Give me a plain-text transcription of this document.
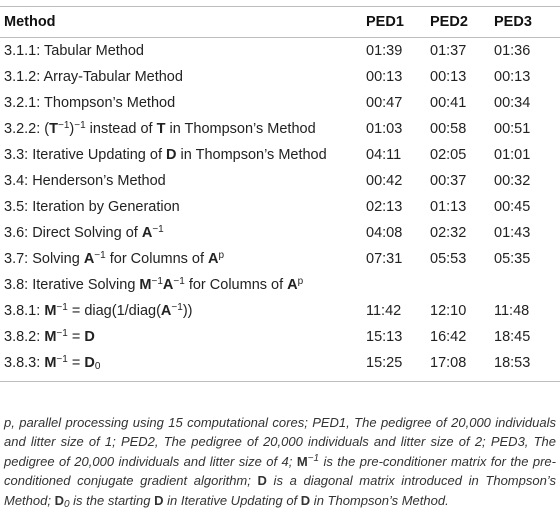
Method	PED1	PED2	PED3
3.1.1: Tabular Method	01:39	01:37	01:36
3.1.2: Array-Tabular Method	00:13	00:13	00:13
3.2.1: Thompson’s Method	00:47	00:41	00:34
3.2.2: $(T^{-1})^{-1}$ instead of T in Thompson’s Method	01:03	00:58	00:51
3.3: Iterative Updating of D in Thompson’s Method	04:11	02:05	01:01
3.4: Henderson’s Method	00:42	00:37	00:32
3.5: Iteration by Generation	02:13	01:13	00:45
3.6: Direct Solving of $A^{-1}$	04:08	02:32	01:43
3.7: Solving $A^{-1}$ for Columns of $A^p$	07:31	05:53	05:35
3.8: Iterative Solving $M^{-1}A^{-1}$ for Columns of $A^p$
3.8.1: $M^{-1}$ = $diag(1/diag(A^{-1}))$	11:42	12:10	11:48
3.8.2: $M^{-1} = D$	15:13	16:42	18:45
3.8.3: $M^{-1} = D_0$	15:25	17:08	18:53
p, parallel processing using 15 computational cores; PED1, The pedigree of 20,000 individuals and litter size of 1; PED2, The pedigree of 20,000 individuals and litter size of 2; PED3, The pedigree of 20,000 individuals and litter size of 4; $M^{-1}$ is the pre-conditioner matrix for the pre-conditioned conjugate gradient algorithm; D is a diagonal matrix introduced in Thompson’s Method; $D_0$ is the starting D in Iterative Updating of D in Thompson’s Method.
